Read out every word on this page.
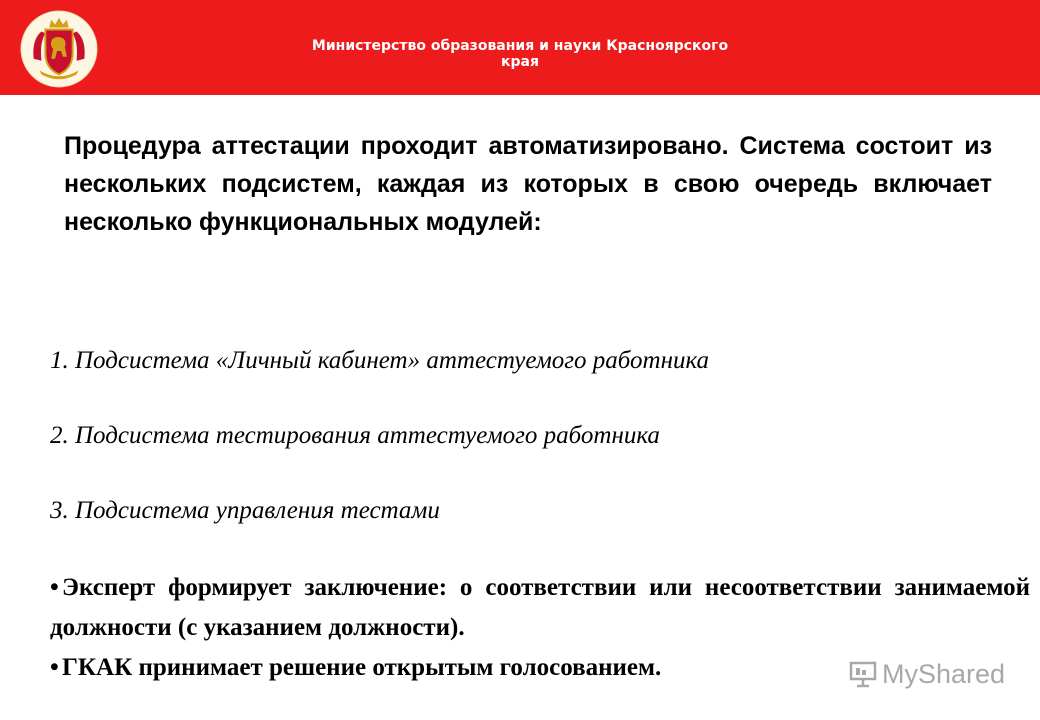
Министерство образования и науки Красноярского края
Процедура аттестации проходит автоматизировано. Система состоит из нескольких подсистем, каждая из которых в свою очередь включает несколько функциональных модулей:
1. Подсистема «Личный кабинет» аттестуемого работника
2. Подсистема тестирования аттестуемого работника
3. Подсистема управления тестами
• Эксперт формирует заключение: о соответствии или несоответствии занимаемой должности (с указанием должности).
• ГКАК принимает решение открытым голосованием.	MyShared
